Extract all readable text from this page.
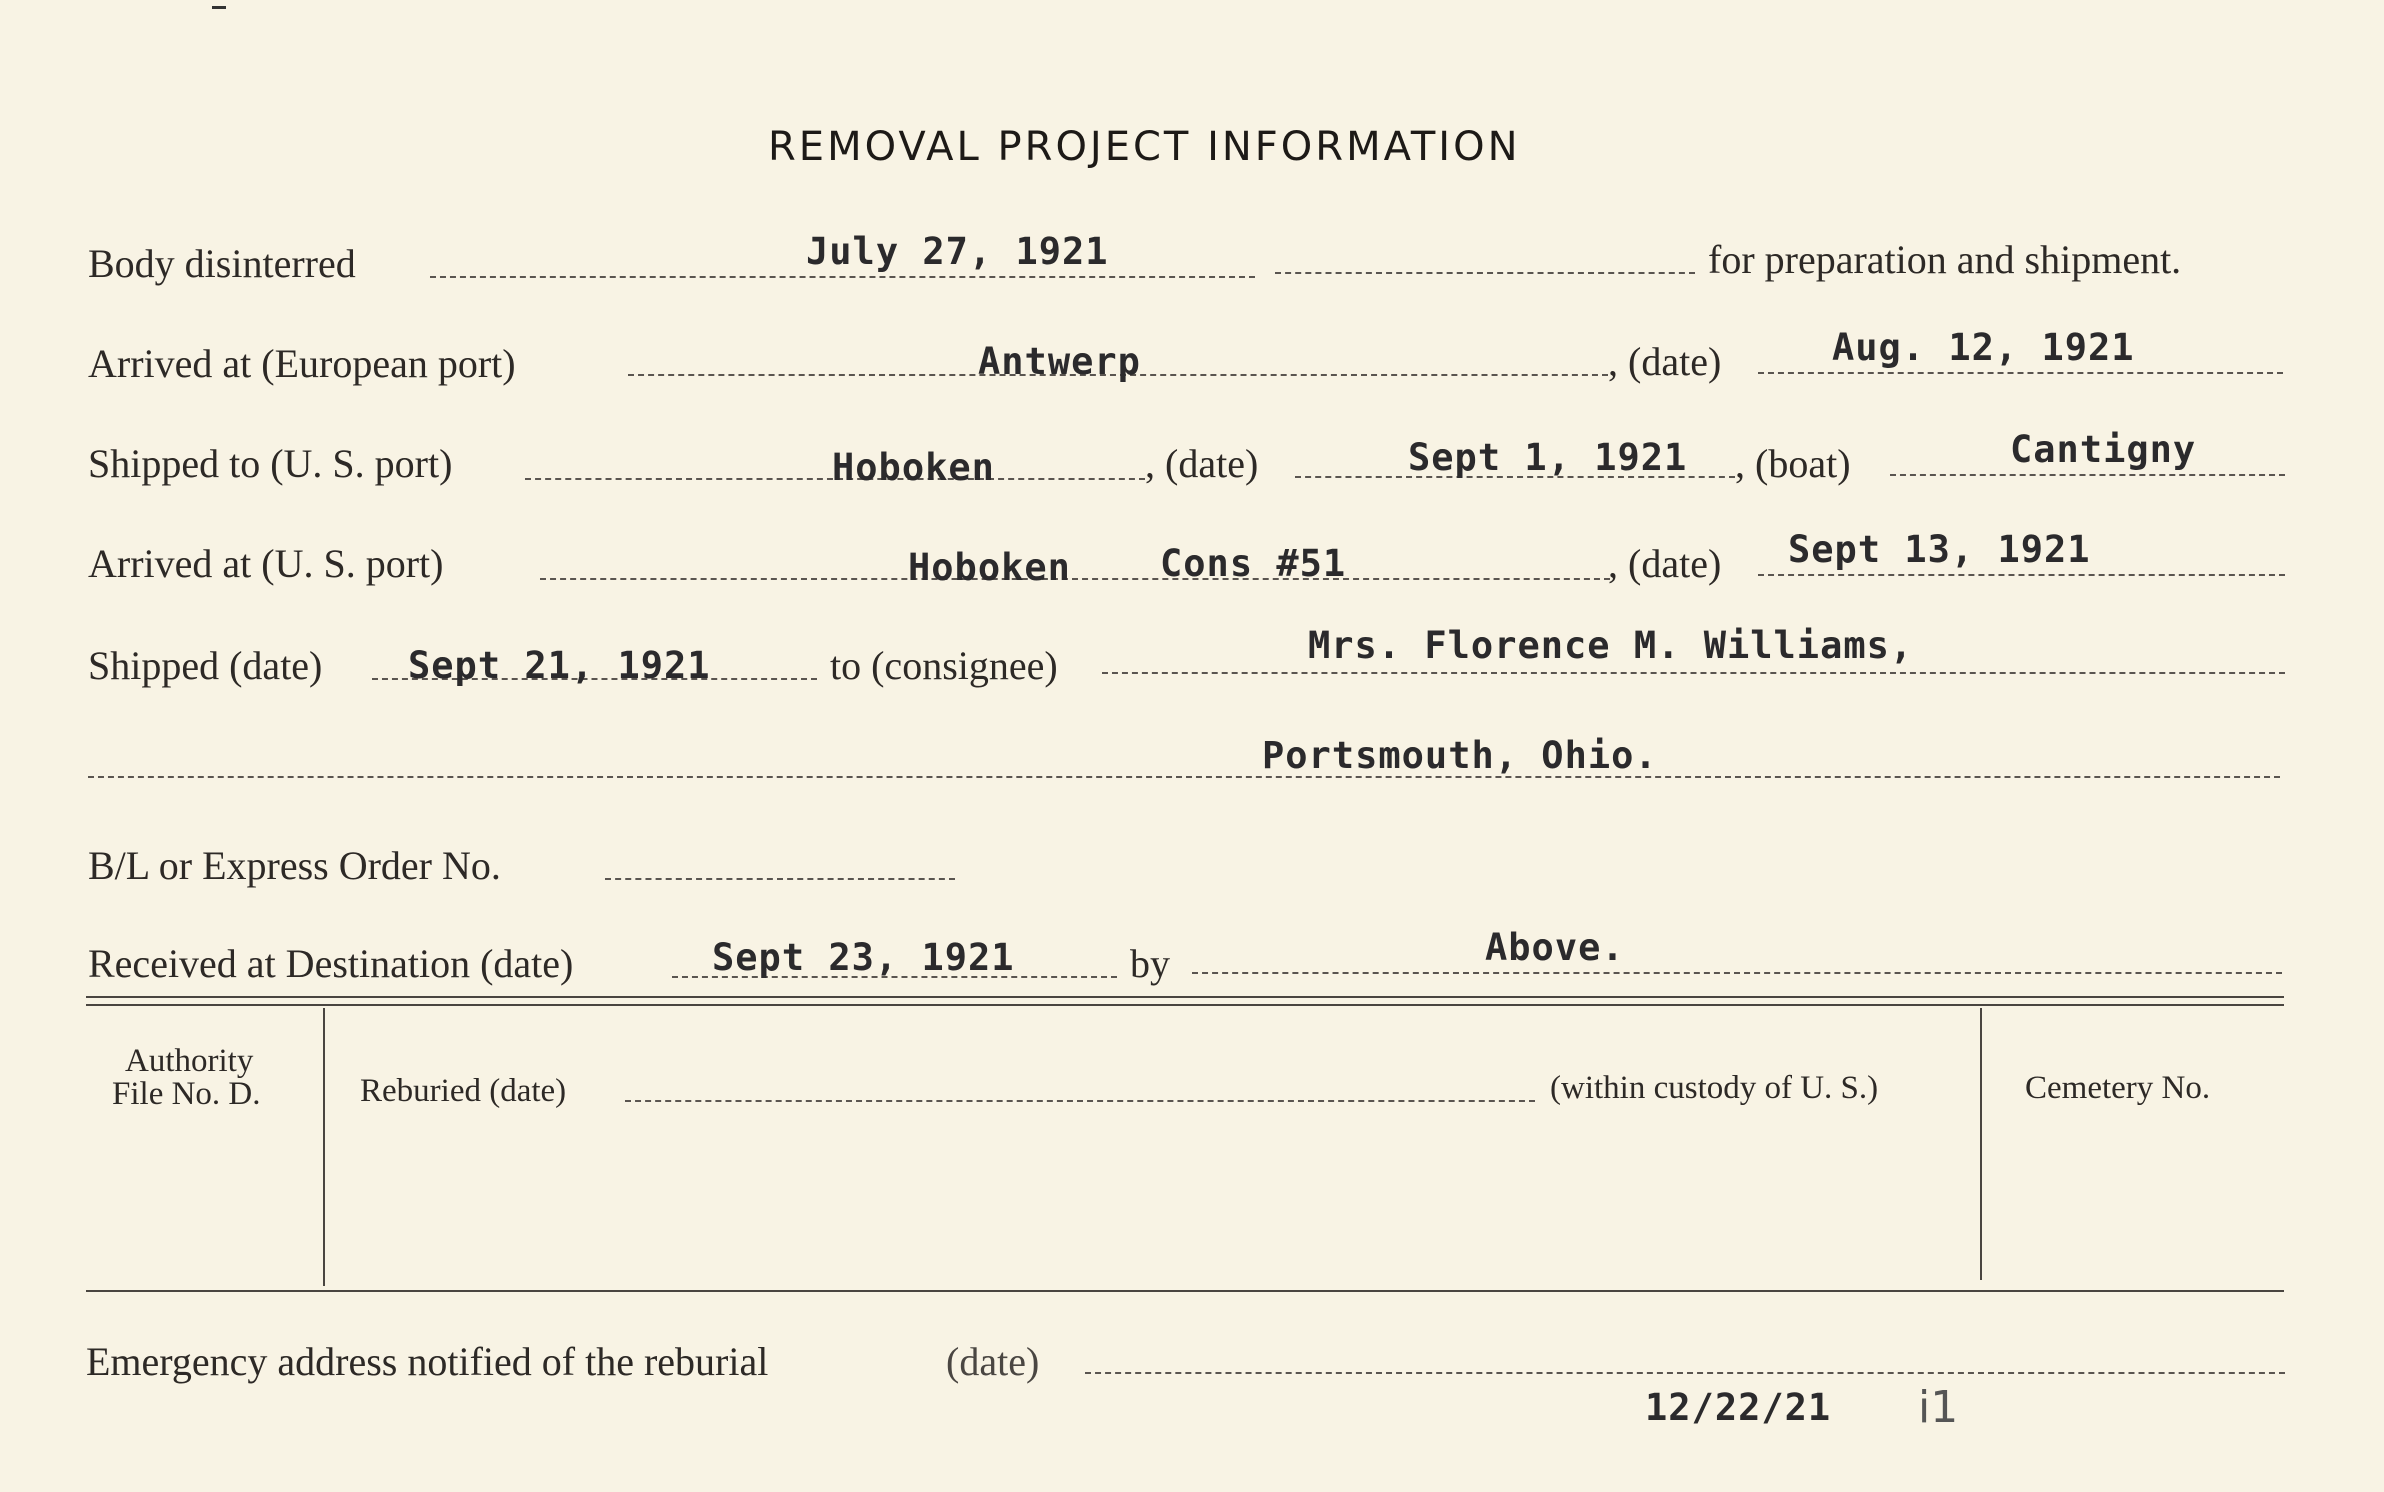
REMOVAL PROJECT INFORMATION
Body disinterred	July 27, 1921	for preparation and shipment.
Arrived at (European port)	Antwerp	, (date)	Aug. 12, 1921
Shipped to (U. S. port)	Hoboken	, (date)	Sept 1, 1921 , (boat)	Cantigny
Arrived at (U. S. port)	Hoboken Cons #51	, (date) Sept 13, 1921
Shipped (date) Sept 21, 1921	to (consignee)	Mrs. Florence M. Williams,
Portsmouth, Ohio.
B/L or Express Order No.
Received at Destination (date)	Sept 23, 1921	by	Above.
Authority
File No. D.	Reburied (date)	(within custody of U. S.)	Cemetery No.
Emergency address notified of the reburial	(date)
12/22/21 i1
